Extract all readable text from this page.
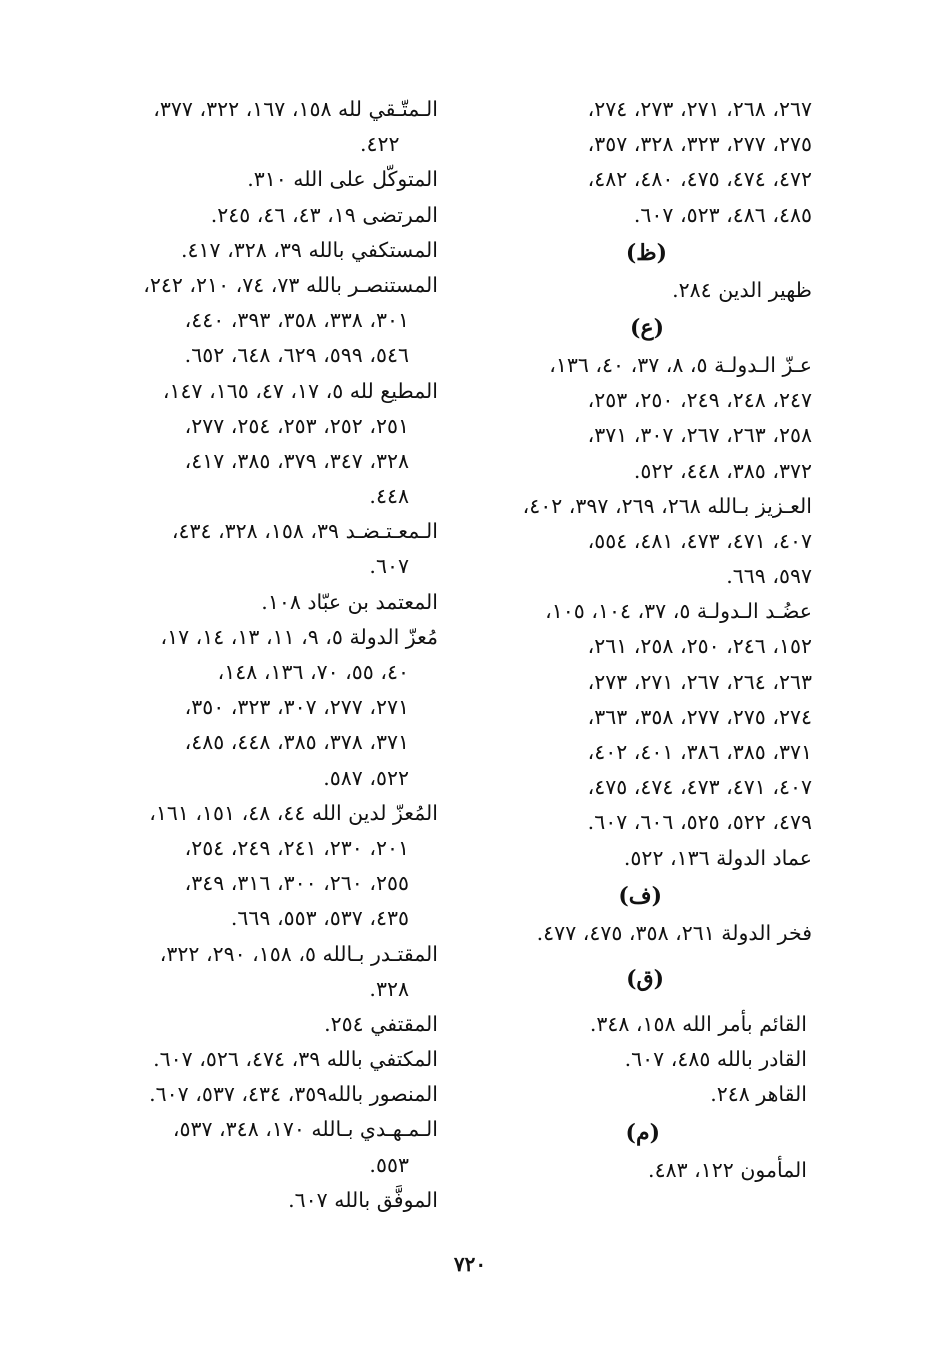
٢٦٧، ٢٦٨، ٢٧١، ٢٧٣، ٢٧٤،
٢٧٥، ٢٧٧، ٣٢٣، ٣٢٨، ٣٥٧،
٤٧٢، ٤٧٤، ٤٧٥، ٤٨٠، ٤٨٢،
٤٨٥، ٤٨٦، ٥٢٣، ٦٠٧.
(ظ)
ظهير الدين ٢٨٤.
(ع)
عـزّ الـدولـة ٥، ٨، ٣٧، ٤٠، ١٣٦،
٢٤٧، ٢٤٨، ٢٤٩، ٢٥٠، ٢٥٣،
٢٥٨، ٢٦٣، ٢٦٧، ٣٠٧، ٣٧١،
٣٧٢، ٣٨٥، ٤٤٨، ٥٢٢.
العـزيز بـالله ٢٦٨، ٢٦٩، ٣٩٧، ٤٠٢،
٤٠٧، ٤٧١، ٤٧٣، ٤٨١، ٥٥٤،
٥٩٧، ٦٦٩.
عضُـد الـدولـة ٥، ٣٧، ١٠٤، ١٠٥،
١٥٢، ٢٤٦، ٢٥٠، ٢٥٨، ٢٦١،
٢٦٣، ٢٦٤، ٢٦٧، ٢٧١، ٢٧٣،
٢٧٤، ٢٧٥، ٢٧٧، ٣٥٨، ٣٦٣،
٣٧١، ٣٨٥، ٣٨٦، ٤٠١، ٤٠٢،
٤٠٧، ٤٧١، ٤٧٣، ٤٧٤، ٤٧٥،
٤٧٩، ٥٢٢، ٥٢٥، ٦٠٦، ٦٠٧.
عماد الدولة ١٣٦، ٥٢٢.
(ف)
فخر الدولة ٢٦١، ٣٥٨، ٤٧٥، ٤٧٧.
(ق)
القائم بأمر الله ١٥٨، ٣٤٨.
القادر بالله ٤٨٥، ٦٠٧.
القاهر ٢٤٨.
(م)
المأمون ١٢٢، ٤٨٣.
الـمتّـقي لله ١٥٨، ١٦٧، ٣٢٢، ٣٧٧،
٤٢٢.
المتوكّل على الله ٣١٠.
المرتضى ١٩، ٤٣، ٤٦، ٢٤٥.
المستكفي بالله ٣٩، ٣٢٨، ٤١٧.
المستنصـر بالله ٧٣، ٧٤، ٢١٠، ٢٤٢،
٣٠١، ٣٣٨، ٣٥٨، ٣٩٣، ٤٤٠،
٥٤٦، ٥٩٩، ٦٢٩، ٦٤٨، ٦٥٢.
المطيع لله ٥، ١٧، ٤٧، ١٦٥، ١٤٧،
٢٥١، ٢٥٢، ٢٥٣، ٢٥٤، ٢٧٧،
٣٢٨، ٣٤٧، ٣٧٩، ٣٨٥، ٤١٧،
٤٤٨.
الـمعـتـضـد ٣٩، ١٥٨، ٣٢٨، ٤٣٤،
٦٠٧.
المعتمد بن عبّاد ١٠٨.
مُعزّ الدولة ٥، ٩، ١١، ١٣، ١٤، ١٧،
٤٠، ٥٥، ٧٠، ١٣٦، ١٤٨،
٢٧١، ٢٧٧، ٣٠٧، ٣٢٣، ٣٥٠،
٣٧١، ٣٧٨، ٣٨٥، ٤٤٨، ٤٨٥،
٥٢٢، ٥٨٧.
المُعزّ لدين الله ٤٤، ٤٨، ١٥١، ١٦١،
٢٠١، ٢٣٠، ٢٤١، ٢٤٩، ٢٥٤،
٢٥٥، ٢٦٠، ٣٠٠، ٣١٦، ٣٤٩،
٤٣٥، ٥٣٧، ٥٥٣، ٦٦٩.
المقتـدر بـالله ٥، ١٥٨، ٢٩٠، ٣٢٢،
٣٢٨.
المقتفي ٢٥٤.
المكتفي بالله ٣٩، ٤٧٤، ٥٢٦، ٦٠٧.
المنصور بالله٣٥٩، ٤٣٤، ٥٣٧، ٦٠٧.
الـمـهـدي بـالله ١٧٠، ٣٤٨، ٥٣٧،
٥٥٣.
الموفَّق بالله ٦٠٧.
٧٢٠
